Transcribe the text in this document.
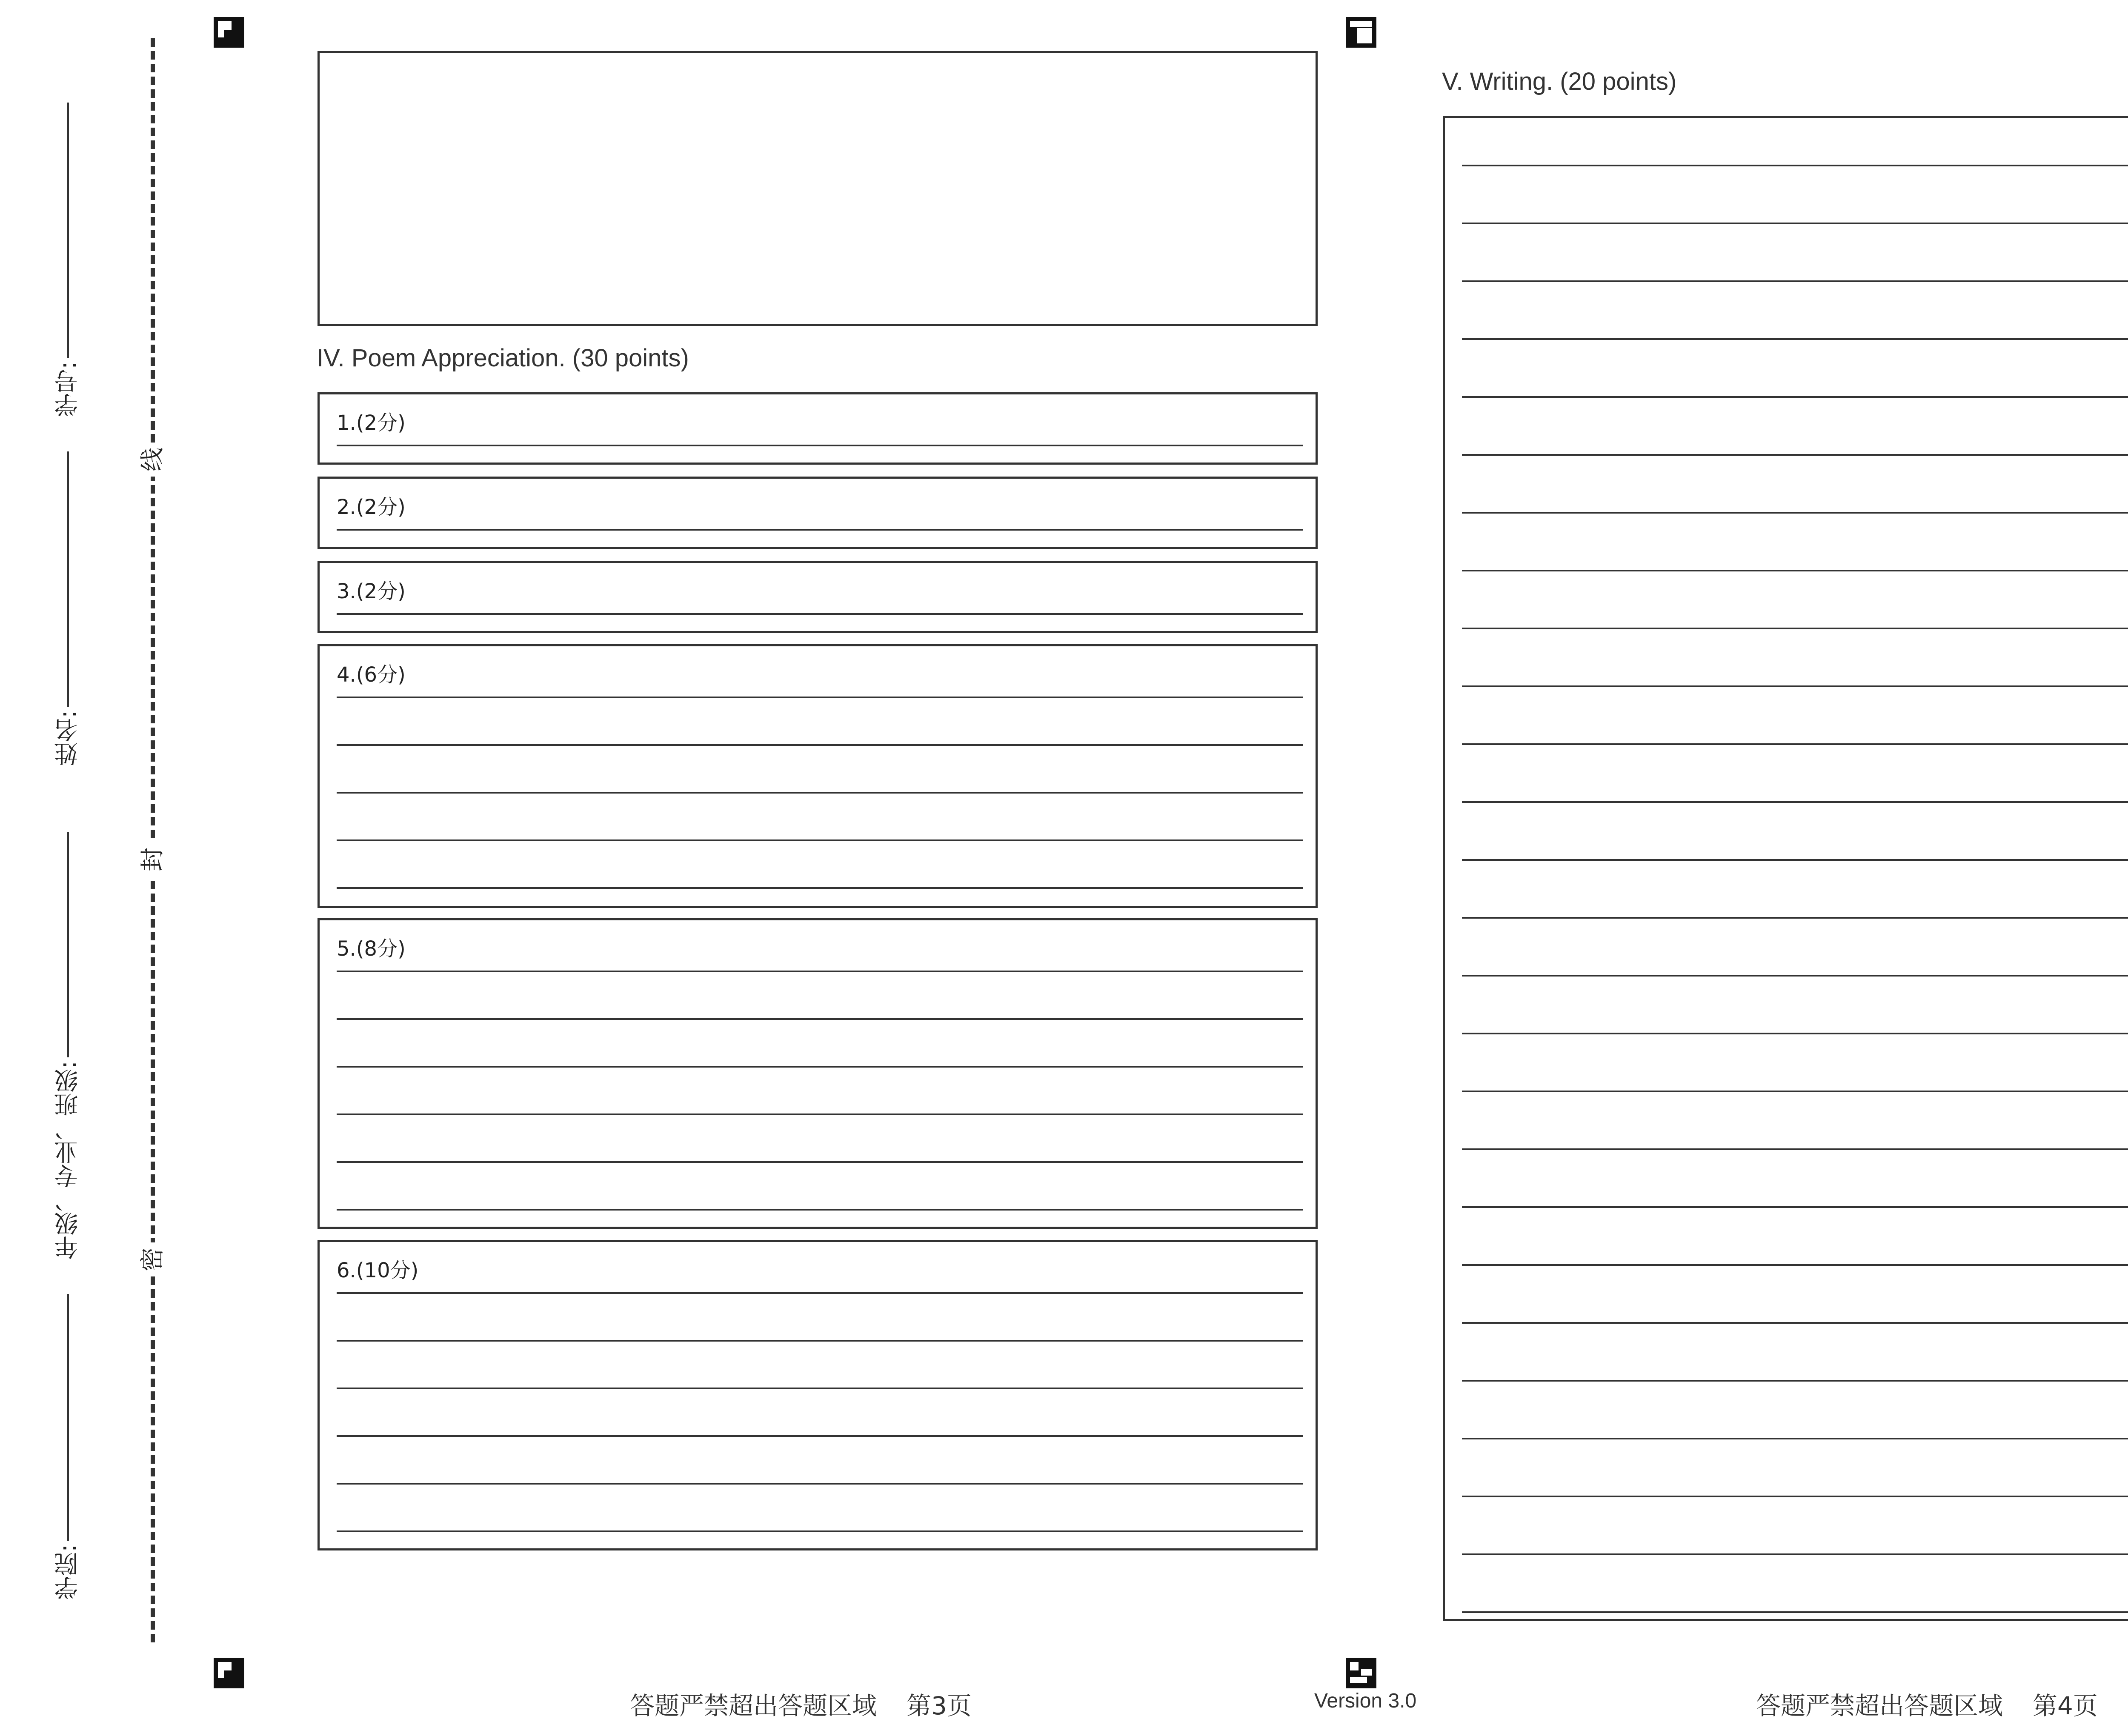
学号:
姓名:
年级、专业、班级:
学院:
线
封
密
IV. Poem Appreciation. (30 points)
1.(2分)
2.(2分)
3.(2分)
4.(6分)
5.(8分)
6.(10分)
答题严禁超出答题区域 第3页	Version 3.0
V. Writing. (20 points)
答题严禁超出答题区域 第4页
